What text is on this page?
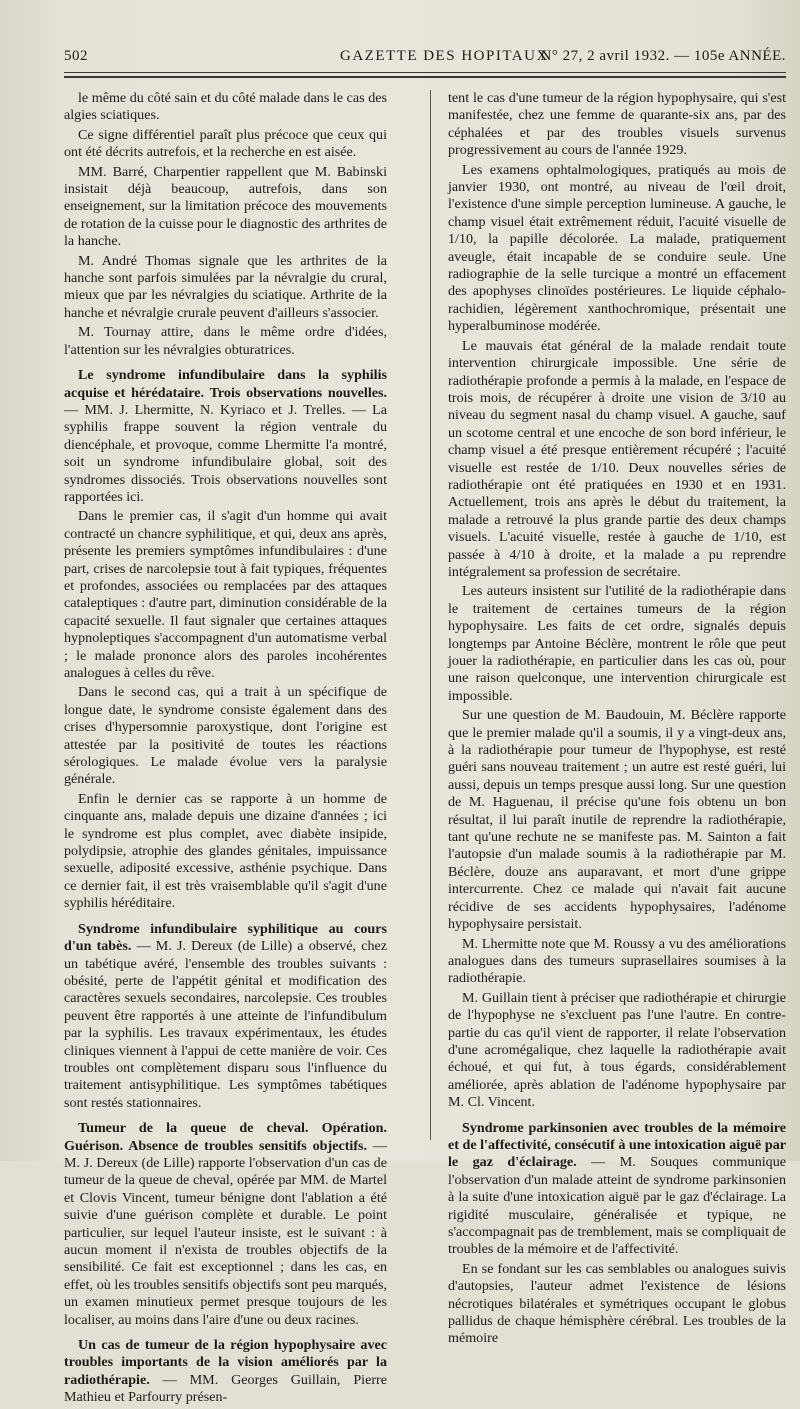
502	GAZETTE DES HOPITAUX
N° 27, 2 avril 1932. — 105e ANNÉE.

le même du côté sain et du côté malade dans le cas des algies sciatiques.

Ce signe différentiel paraît plus précoce que ceux qui ont été décrits autrefois, et la recherche en est aisée.

MM. Barré, Charpentier rappellent que M. Babinski insistait déjà beaucoup, autrefois, dans son enseignement, sur la limitation précoce des mouvements de rotation de la cuisse pour le diagnostic des arthrites de la hanche.

M. André Thomas signale que les arthrites de la hanche sont parfois simulées par la névralgie du crural, mieux que par les névralgies du sciatique. Arthrite de la hanche et névralgie crurale peuvent d'ailleurs s'associer.

M. Tournay attire, dans le même ordre d'idées, l'attention sur les névralgies obturatrices.

Le syndrome infundibulaire dans la syphilis acquise et hérédataire. Trois observations nouvelles. — MM. J. Lhermitte, N. Kyriaco et J. Trelles. — La syphilis frappe souvent la région ventrale du diencéphale, et provoque, comme Lhermitte l'a montré, soit un syndrome infundibulaire global, soit des syndromes dissociés. Trois observations nouvelles sont rapportées ici.

Dans le premier cas, il s'agit d'un homme qui avait contracté un chancre syphilitique, et qui, deux ans après, présente les premiers symptômes infundibulaires : d'une part, crises de narcolepsie tout à fait typiques, fréquentes et profondes, associées ou remplacées par des attaques cataleptiques : d'autre part, diminution considérable de la capacité sexuelle. Il faut signaler que certaines attaques hypnoleptiques s'accompagnent d'un automatisme verbal ; le malade prononce alors des paroles incohérentes analogues à celles du rêve.

Dans le second cas, qui a trait à un spécifique de longue date, le syndrome consiste également dans des crises d'hypersomnie paroxystique, dont l'origine est attestée par la positivité de toutes les réactions sérologiques. Le malade évolue vers la paralysie générale.

Enfin le dernier cas se rapporte à un homme de cinquante ans, malade depuis une dizaine d'années ; ici le syndrome est plus complet, avec diabète insipide, polydipsie, atrophie des glandes génitales, impuissance sexuelle, adiposité excessive, asthénie psychique. Dans ce dernier fait, il est très vraisemblable qu'il s'agit d'une syphilis héréditaire.

Syndrome infundibulaire syphilitique au cours d'un tabès. — M. J. Dereux (de Lille) a observé, chez un tabétique avéré, l'ensemble des troubles suivants : obésité, perte de l'appétit génital et modification des caractères sexuels secondaires, narcolepsie. Ces troubles peuvent être rapportés à une atteinte de l'infundibulum par la syphilis. Les travaux expérimentaux, les études cliniques viennent à l'appui de cette manière de voir. Ces troubles ont complètement disparu sous l'influence du traitement antisyphilitique. Les symptômes tabétiques sont restés stationnaires.

Tumeur de la queue de cheval. Opération. Guérison. Absence de troubles sensitifs objectifs. — M. J. Dereux (de Lille) rapporte l'observation d'un cas de tumeur de la queue de cheval, opérée par MM. de Martel et Clovis Vincent, tumeur bénigne dont l'ablation a été suivie d'une guérison complète et durable. Le point particulier, sur lequel l'auteur insiste, est le suivant : à aucun moment il n'exista de troubles objectifs de la sensibilité. Ce fait est exceptionnel ; dans les cas, en effet, où les troubles sensitifs objectifs sont peu marqués, un examen minutieux permet presque toujours de les localiser, au moins dans l'aire d'une ou deux racines.

Un cas de tumeur de la région hypophysaire avec troubles importants de la vision améliorés par la radiothérapie. — MM. Georges Guillain, Pierre Mathieu et Parfourry présen-

tent le cas d'une tumeur de la région hypophysaire, qui s'est manifestée, chez une femme de quarante-six ans, par des céphalées et par des troubles visuels survenus progressivement au cours de l'année 1929.

Les examens ophtalmologiques, pratiqués au mois de janvier 1930, ont montré, au niveau de l'œil droit, l'existence d'une simple perception lumineuse. A gauche, le champ visuel était extrêmement réduit, l'acuité visuelle de 1/10, la papille décolorée. La malade, pratiquement aveugle, était incapable de se conduire seule. Une radiographie de la selle turcique a montré un effacement des apophyses clinoïdes postérieures. Le liquide céphalo-rachidien, légèrement xanthochromique, présentait une hyperalbuminose modérée.

Le mauvais état général de la malade rendait toute intervention chirurgicale impossible. Une série de radiothérapie profonde a permis à la malade, en l'espace de trois mois, de récupérer à droite une vision de 3/10 au niveau du segment nasal du champ visuel. A gauche, sauf un scotome central et une encoche de son bord inférieur, le champ visuel a été presque entièrement récupéré ; l'acuité visuelle est restée de 1/10. Deux nouvelles séries de radiothérapie ont été pratiquées en 1930 et en 1931. Actuellement, trois ans après le début du traitement, la malade a retrouvé la plus grande partie des deux champs visuels. L'acuité visuelle, restée à gauche de 1/10, est passée à 4/10 à droite, et la malade a pu reprendre intégralement sa profession de secrétaire.

Les auteurs insistent sur l'utilité de la radiothérapie dans le traitement de certaines tumeurs de la région hypophysaire. Les faits de cet ordre, signalés depuis longtemps par Antoine Béclère, montrent le rôle que peut jouer la radiothérapie, en particulier dans les cas où, pour une raison quelconque, une intervention chirurgicale est impossible.

Sur une question de M. Baudouin, M. Béclère rapporte que le premier malade qu'il a soumis, il y a vingt-deux ans, à la radiothérapie pour tumeur de l'hypophyse, est resté guéri sans nouveau traitement ; un autre est resté guéri, lui aussi, depuis un temps presque aussi long. Sur une question de M. Haguenau, il précise qu'une fois obtenu un bon résultat, il lui paraît inutile de reprendre la radiothérapie, tant qu'une rechute ne se manifeste pas. M. Sainton a fait l'autopsie d'un malade soumis à la radiothérapie par M. Béclère, douze ans auparavant, et mort d'une grippe intercurrente. Chez ce malade qui n'avait fait aucune récidive de ses accidents hypophysaires, l'adénome hypophysaire persistait.

M. Lhermitte note que M. Roussy a vu des améliorations analogues dans des tumeurs suprasellaires soumises à la radiothérapie.

M. Guillain tient à préciser que radiothérapie et chirurgie de l'hypophyse ne s'excluent pas l'une l'autre. En contre-partie du cas qu'il vient de rapporter, il relate l'observation d'une acromégalique, chez laquelle la radiothérapie avait échoué, et qui fut, à tous égards, considérablement améliorée, après ablation de l'adénome hypophysaire par M. Cl. Vincent.

Syndrome parkinsonien avec troubles de la mémoire et de l'affectivité, consécutif à une intoxication aiguë par le gaz d'éclairage. — M. Souques communique l'observation d'un malade atteint de syndrome parkinsonien à la suite d'une intoxication aiguë par le gaz d'éclairage. La rigidité musculaire, généralisée et typique, ne s'accompagnait pas de tremblement, mais se compliquait de troubles de la mémoire et de l'affectivité.

En se fondant sur les cas semblables ou analogues suivis d'autopsies, l'auteur admet l'existence de lésions nécrotiques bilatérales et symétriques occupant le globus pallidus de chaque hémisphère cérébral. Les troubles de la mémoire
